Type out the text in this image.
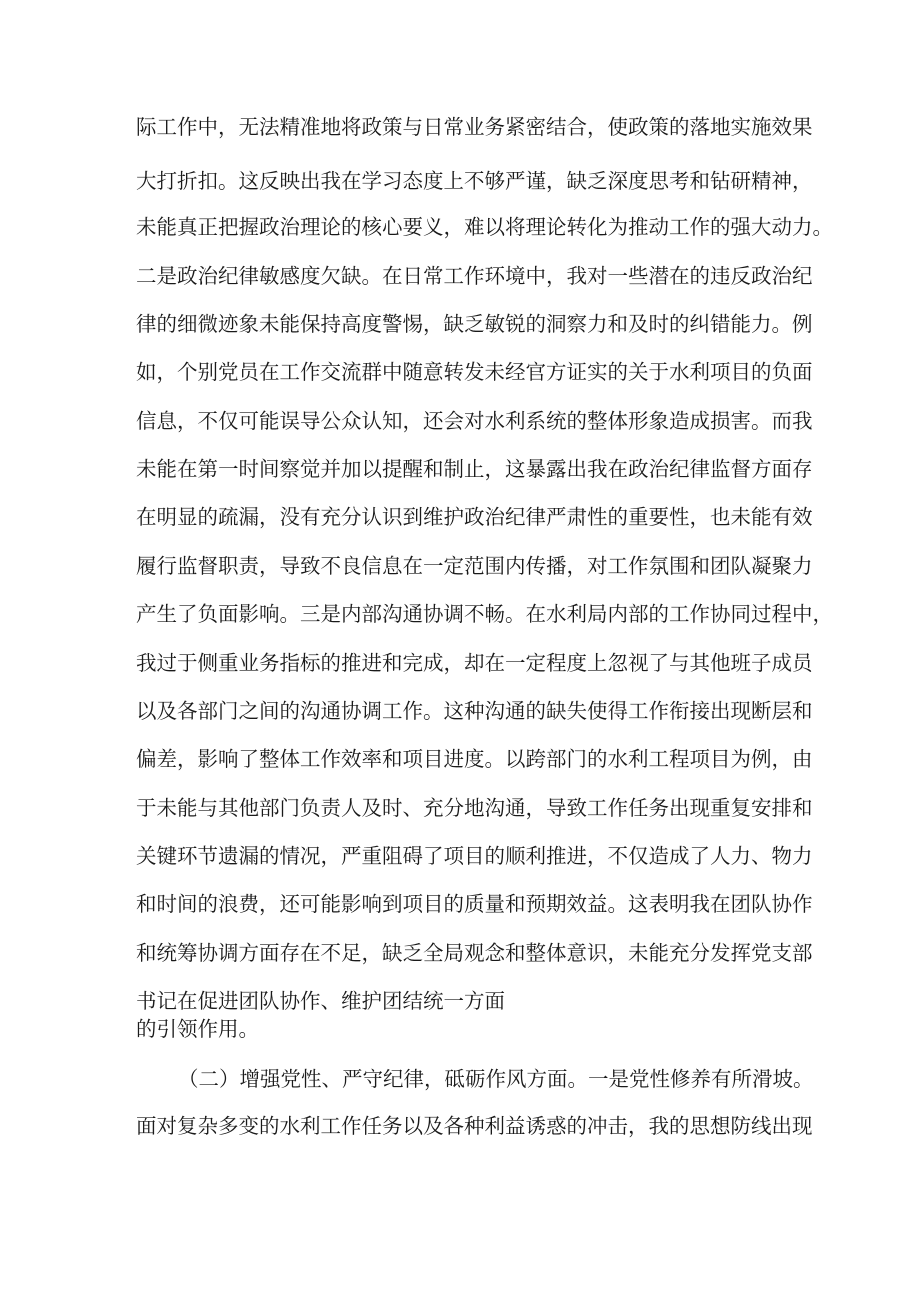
际工作中，无法精准地将政策与日常业务紧密结合，使政策的落地实施效果
大打折扣。这反映出我在学习态度上不够严谨，缺乏深度思考和钻研精神，
未能真正把握政治理论的核心要义，难以将理论转化为推动工作的强大动力。
二是政治纪律敏感度欠缺。在日常工作环境中，我对一些潜在的违反政治纪
律的细微迹象未能保持高度警惕，缺乏敏锐的洞察力和及时的纠错能力。例
如，个别党员在工作交流群中随意转发未经官方证实的关于水利项目的负面
信息，不仅可能误导公众认知，还会对水利系统的整体形象造成损害。而我
未能在第一时间察觉并加以提醒和制止，这暴露出我在政治纪律监督方面存
在明显的疏漏，没有充分认识到维护政治纪律严肃性的重要性，也未能有效
履行监督职责，导致不良信息在一定范围内传播，对工作氛围和团队凝聚力
产生了负面影响。三是内部沟通协调不畅。在水利局内部的工作协同过程中，
我过于侧重业务指标的推进和完成，却在一定程度上忽视了与其他班子成员
以及各部门之间的沟通协调工作。这种沟通的缺失使得工作衔接出现断层和
偏差，影响了整体工作效率和项目进度。以跨部门的水利工程项目为例，由
于未能与其他部门负责人及时、充分地沟通，导致工作任务出现重复安排和
关键环节遗漏的情况，严重阻碍了项目的顺利推进，不仅造成了人力、物力
和时间的浪费，还可能影响到项目的质量和预期效益。这表明我在团队协作
和统筹协调方面存在不足，缺乏全局观念和整体意识，未能充分发挥党支部
书记在促进团队协作、维护团结统一方面
的引领作用。
（二）增强党性、严守纪律，砥砺作风方面。一是党性修养有所滑坡。
面对复杂多变的水利工作任务以及各种利益诱惑的冲击，我的思想防线出现
